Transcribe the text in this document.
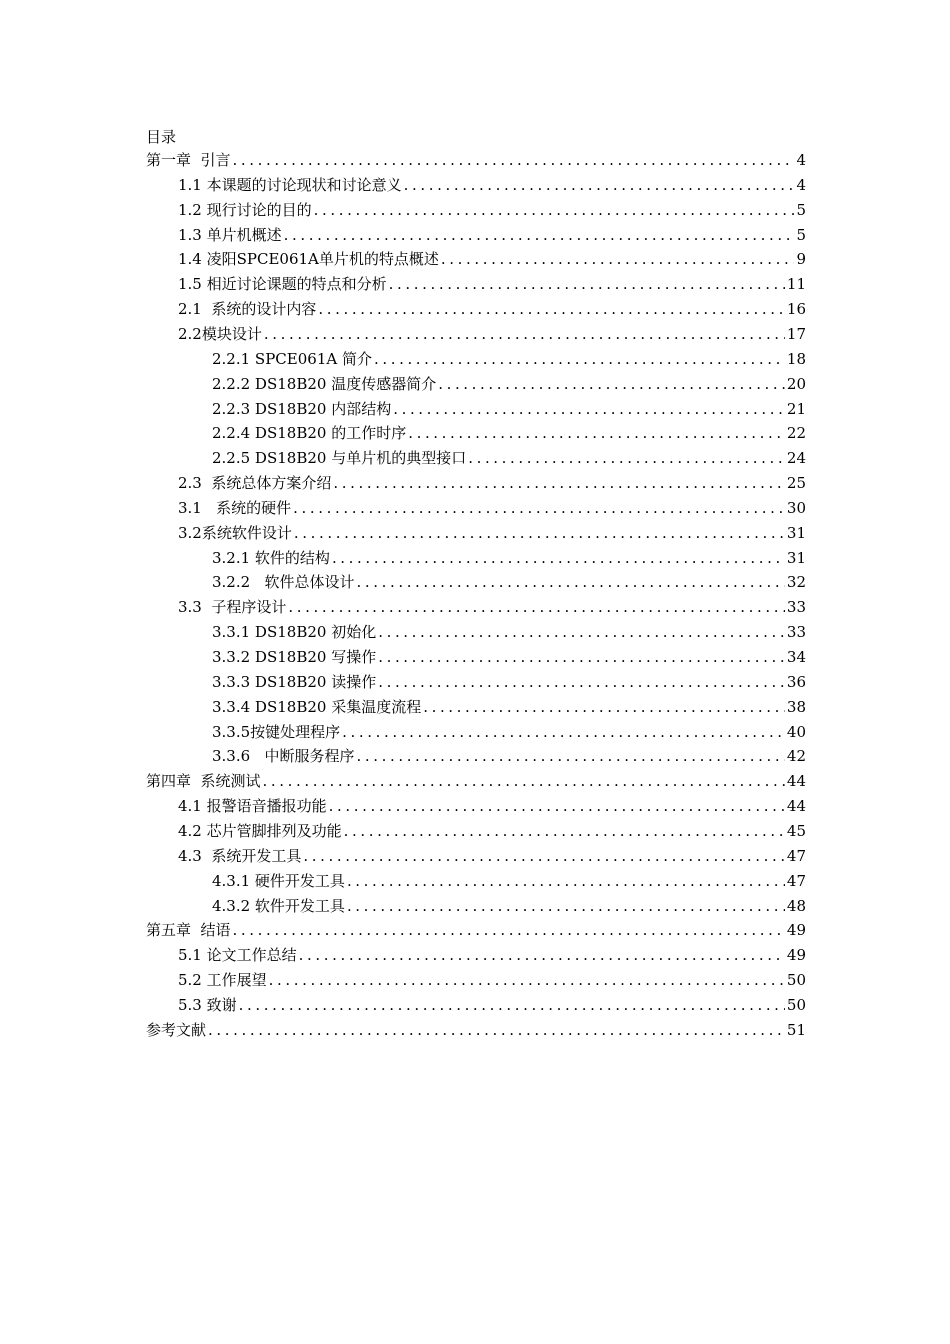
目录
第一章  引言 .....	4
1.1 本课题的讨论现状和讨论意义 .....	4
1.2 现行讨论的目的 .....	5
1.3 单片机概述 .....	5
1.4 凌阳SPCE061A单片机的特点概述 .....	9
1.5 相近讨论课题的特点和分析 .....	11
2.1  系统的设计内容 .....	16
2.2模块设计 .....	17
2.2.1 SPCE061A 简介 .....	18
2.2.2 DS18B20 温度传感器简介 .....	20
2.2.3 DS18B20 内部结构 .....	21
2.2.4 DS18B20 的工作时序 .....	22
2.2.5 DS18B20 与单片机的典型接口 .....	24
2.3  系统总体方案介绍 .....	25
3.1   系统的硬件 .....	30
3.2系统软件设计 .....	31
3.2.1 软件的结构 .....	31
3.2.2   软件总体设计 .....	32
3.3  子程序设计 .....	33
3.3.1 DS18B20 初始化 .....	33
3.3.2 DS18B20 写操作 .....	34
3.3.3 DS18B20 读操作 .....	36
3.3.4 DS18B20 采集温度流程 .....	38
3.3.5按键处理程序 .....	40
3.3.6   中断服务程序 .....	42
第四章  系统测试 .....	44
4.1 报警语音播报功能 .....	44
4.2 芯片管脚排列及功能 .....	45
4.3  系统开发工具 .....	47
4.3.1 硬件开发工具 .....	47
4.3.2 软件开发工具 .....	48
第五章  结语 .....	49
5.1 论文工作总结 .....	49
5.2 工作展望 .....	50
5.3 致谢 .....	50
参考文献 .....	51
